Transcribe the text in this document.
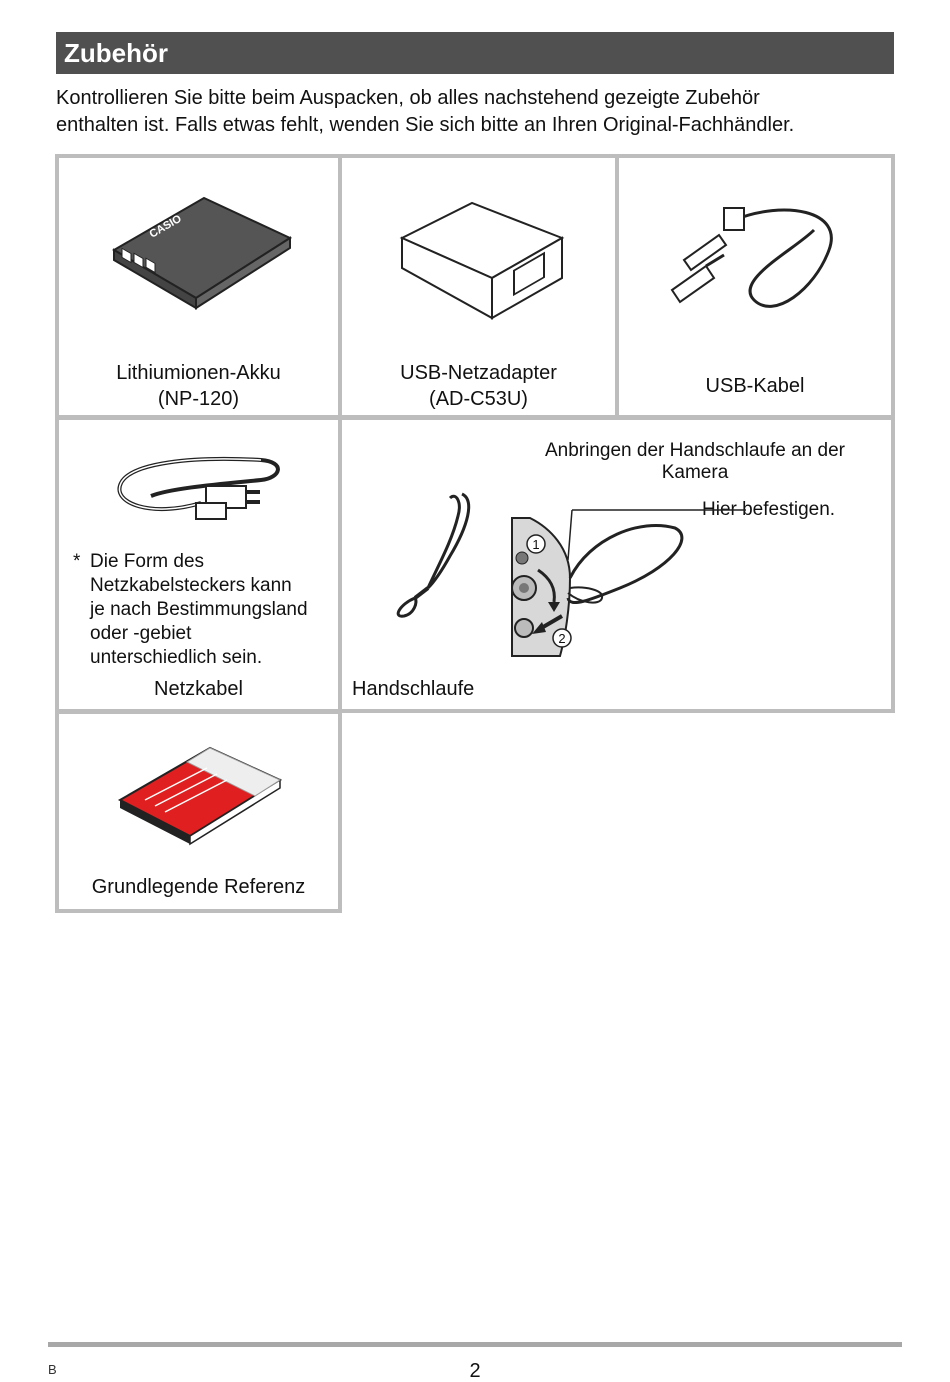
Zubehör
Kontrollieren Sie bitte beim Auspacken, ob alles nachstehend gezeigte Zubehör
enthalten ist. Falls etwas fehlt, wenden Sie sich bitte an Ihren Original-Fachhändler.
CASIO
Lithiumionen-Akku
(NP-120)
USB-Netzadapter
(AD-C53U)
USB-Kabel
* Die Form des
Netzkabelsteckers kann
je nach Bestimmungsland
oder -gebiet
unterschiedlich sein.
Netzkabel
Anbringen der Handschlaufe an der
Kamera
Hier befestigen.
1
2
Handschlaufe
Grundlegende Referenz
B	2
